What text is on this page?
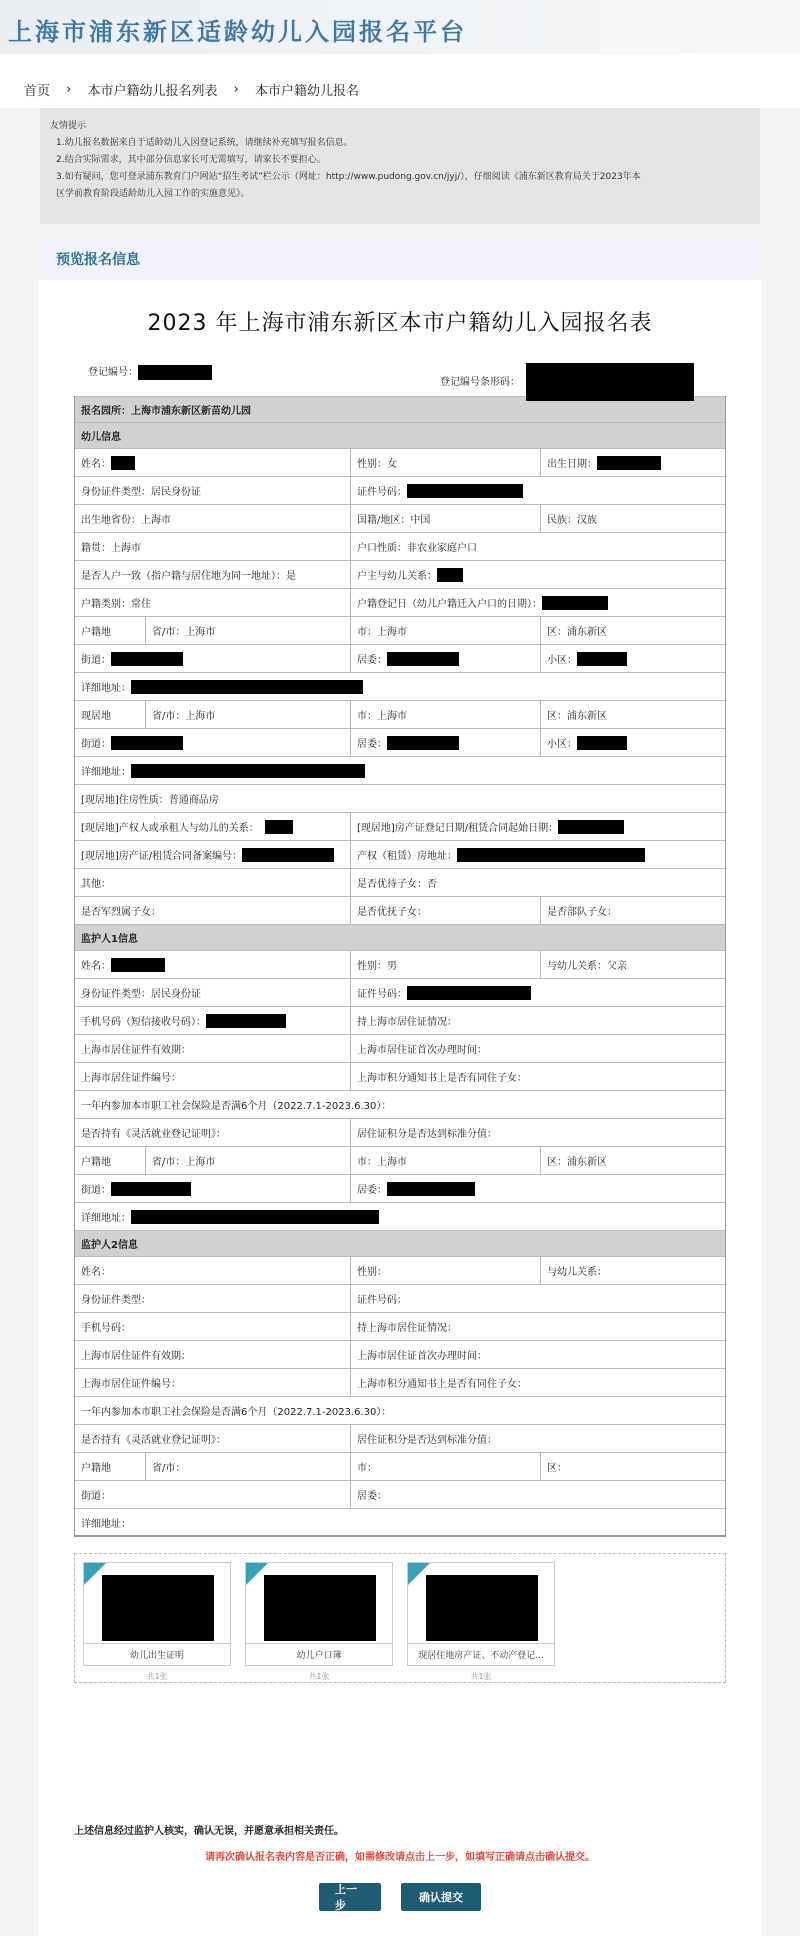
上海市浦东新区适龄幼儿入园报名平台
首页 › 本市户籍幼儿报名列表 › 本市户籍幼儿报名
友情提示
1.幼儿报名数据来自于适龄幼儿入园登记系统，请继续补充填写报名信息。
2.结合实际需求，其中部分信息家长可无需填写，请家长不要担心。
3.如有疑问，您可登录浦东教育门户网站“招生考试”栏公示（网址：http://www.pudong.gov.cn/jyj/），仔细阅读《浦东新区教育局关于2023年本
区学前教育阶段适龄幼儿入园工作的实施意见》。
预览报名信息
2023 年上海市浦东新区本市户籍幼儿入园报名表
登记编号：
登记编号条形码：
报名园所：上海市浦东新区新苗幼儿园
幼儿信息
姓名：	性别：女	出生日期：
身份证件类型：居民身份证	证件号码：
出生地省份：上海市	国籍/地区：中国	民族：汉族
籍贯：上海市	户口性质：非农业家庭户口
是否人户一致（指户籍与居住地为同一地址）：是	户主与幼儿关系：
户籍类别：常住	户籍登记日（幼儿户籍迁入户口的日期）：
户籍地	省/市：上海市	市：上海市	区：浦东新区
街道：	居委：	小区：
详细地址：
现居地	省/市：上海市	市：上海市	区：浦东新区
街道：	居委：	小区：
详细地址：
[现居地]住房性质：普通商品房
[现居地]产权人或承租人与幼儿的关系：	[现居地]房产证登记日期/租赁合同起始日期：
[现居地]房产证/租赁合同备案编号：	产权（租赁）房地址：
其他：	是否优待子女：否
是否军烈属子女：	是否优抚子女：	是否部队子女：
监护人1信息
姓名：	性别：男	与幼儿关系：父亲
身份证件类型：居民身份证	证件号码：
手机号码（短信接收号码）：	持上海市居住证情况：
上海市居住证件有效期：	上海市居住证首次办理时间：
上海市居住证件编号：	上海市积分通知书上是否有同住子女：
一年内参加本市职工社会保险是否满6个月（2022.7.1-2023.6.30）：
是否持有《灵活就业登记证明》：	居住证积分是否达到标准分值：
户籍地	省/市：上海市	市：上海市	区：浦东新区
街道：	居委：
详细地址：
监护人2信息
姓名：	性别：	与幼儿关系：
身份证件类型：	证件号码：
手机号码：	持上海市居住证情况：
上海市居住证件有效期：	上海市居住证首次办理时间：
上海市居住证件编号：	上海市积分通知书上是否有同住子女：
一年内参加本市职工社会保险是否满6个月（2022.7.1-2023.6.30）：
是否持有《灵活就业登记证明》：	居住证积分是否达到标准分值：
户籍地	省/市：	市：	区：
街道：	居委：
详细地址：
幼儿出生证明
共1张
幼儿户口簿
共1张
现居住地房产证、不动产登记...
共1张
上述信息经过监护人核实，确认无误，并愿意承担相关责任。
请再次确认报名表内容是否正确，如需修改请点击上一步，如填写正确请点击确认提交。
上一步
确认提交
